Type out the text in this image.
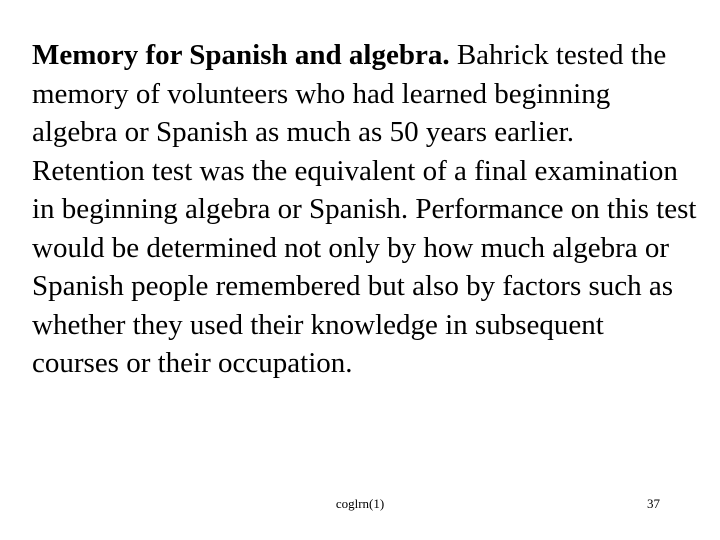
Memory for Spanish and algebra. Bahrick tested the memory of volunteers who had learned beginning algebra or Spanish as much as 50 years earlier.

Retention test was the equivalent of a final examination in beginning algebra or Spanish. Performance on this test would be determined not only by how much algebra or Spanish people remembered but also by factors such as whether they used their knowledge in subsequent courses or their occupation.

coglrn(1)	37
